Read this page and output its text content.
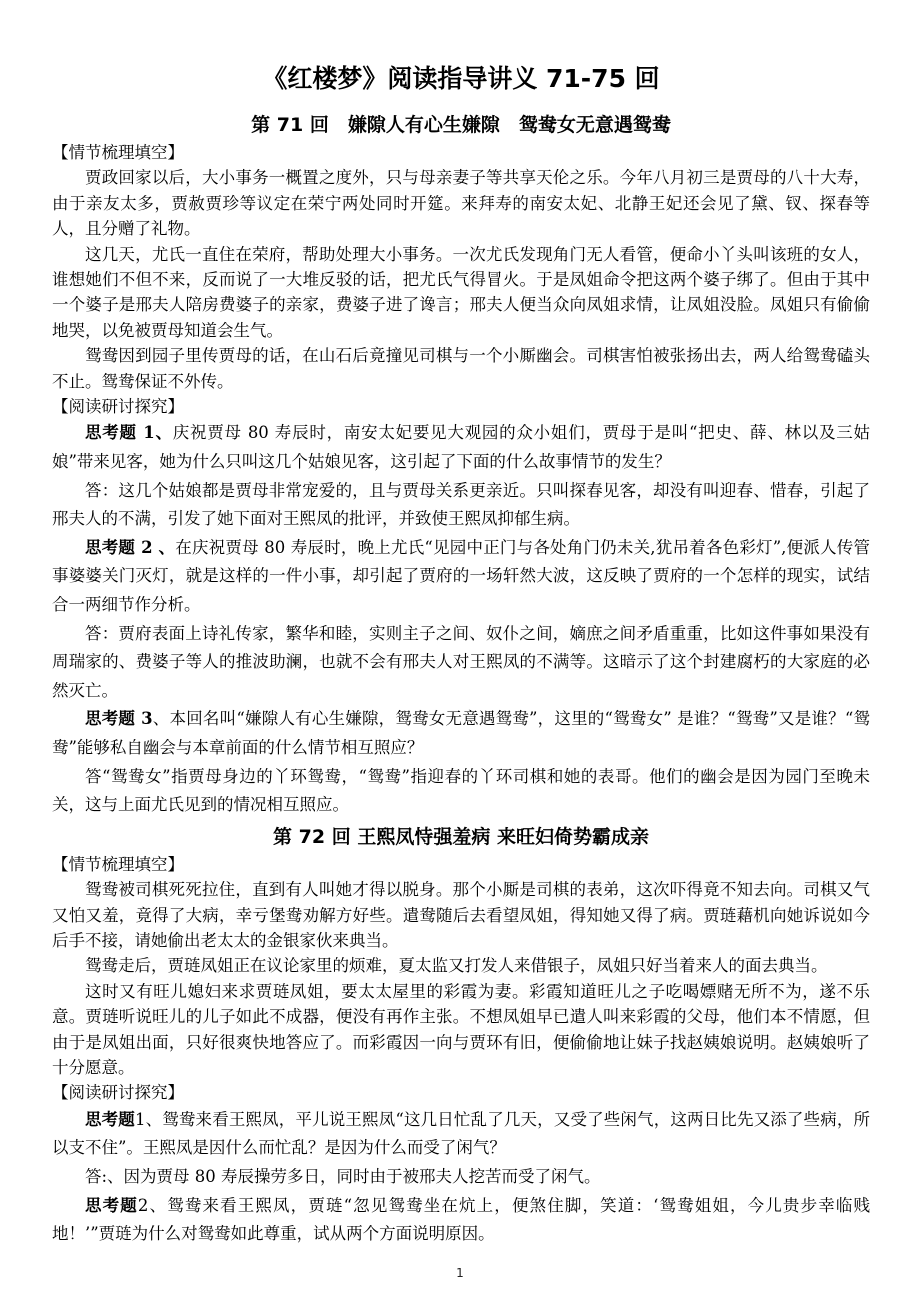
《红楼梦》阅读指导讲义 71-75 回
第 71 回　嫌隙人有心生嫌隙　鸳鸯女无意遇鸳鸯

【情节梳理填空】

贾政回家以后，大小事务一概置之度外，只与母亲妻子等共享天伦之乐。今年八月初三是贾母的八十大寿，由于亲友太多，贾赦贾珍等议定在荣宁两处同时开筵。来拜寿的南安太妃、北静王妃还会见了黛、钗、探春等人，且分赠了礼物。

这几天，尤氏一直住在荣府，帮助处理大小事务。一次尤氏发现角门无人看管，便命小丫头叫该班的女人，谁想她们不但不来，反而说了一大堆反驳的话，把尤氏气得冒火。于是凤姐命令把这两个婆子绑了。但由于其中一个婆子是邢夫人陪房费婆子的亲家，费婆子进了谗言；邢夫人便当众向凤姐求情，让凤姐没脸。凤姐只有偷偷地哭，以免被贾母知道会生气。

鸳鸯因到园子里传贾母的话，在山石后竟撞见司棋与一个小厮幽会。司棋害怕被张扬出去，两人给鸳鸯磕头不止。鸳鸯保证不外传。

【阅读研讨探究】

思考题 1、庆祝贾母 80 寿辰时，南安太妃要见大观园的众小姐们，贾母于是叫“把史、薛、林以及三姑娘”带来见客，她为什么只叫这几个姑娘见客，这引起了下面的什么故事情节的发生？

答：这几个姑娘都是贾母非常宠爱的，且与贾母关系更亲近。只叫探春见客，却没有叫迎春、惜春，引起了邢夫人的不满，引发了她下面对王熙凤的批评，并致使王熙凤抑郁生病。

思考题 2 、在庆祝贾母 80 寿辰时，晚上尤氏“见园中正门与各处角门仍未关,犹吊着各色彩灯”,便派人传管事婆婆关门灭灯，就是这样的一件小事，却引起了贾府的一场轩然大波，这反映了贾府的一个怎样的现实，试结合一两细节作分析。

答：贾府表面上诗礼传家，繁华和睦，实则主子之间、奴仆之间，嫡庶之间矛盾重重，比如这件事如果没有周瑞家的、费婆子等人的推波助澜，也就不会有邢夫人对王熙凤的不满等。这暗示了这个封建腐朽的大家庭的必然灭亡。

思考题 3、本回名叫“嫌隙人有心生嫌隙，鸳鸯女无意遇鸳鸯”，这里的“鸳鸯女” 是谁？“鸳鸯”又是谁？“鸳鸯”能够私自幽会与本章前面的什么情节相互照应？

答“鸳鸯女”指贾母身边的丫环鸳鸯，“鸳鸯”指迎春的丫环司棋和她的表哥。他们的幽会是因为园门至晚未关，这与上面尤氏见到的情况相互照应。

第 72 回 王熙凤恃强羞病 来旺妇倚势霸成亲

【情节梳理填空】

鸳鸯被司棋死死拉住，直到有人叫她才得以脱身。那个小厮是司棋的表弟，这次吓得竟不知去向。司棋又气又怕又羞，竟得了大病，幸亏堡鸯劝解方好些。遣鸯随后去看望凤姐，得知她又得了病。贾琏藉机向她诉说如今后手不接，请她偷出老太太的金银家伙来典当。

鸳鸯走后，贾琏凤姐正在议论家里的烦难，夏太监又打发人来借银子，凤姐只好当着来人的面去典当。

这时又有旺儿媳妇来求贾琏凤姐，要太太屋里的彩霞为妻。彩霞知道旺儿之子吃喝嫖赌无所不为，遂不乐意。贾琏听说旺儿的儿子如此不成器，便没有再作主张。不想凤姐早已遣人叫来彩霞的父母，他们本不情愿，但由于是凤姐出面，只好很爽快地答应了。而彩霞因一向与贾环有旧，便偷偷地让妹子找赵姨娘说明。赵姨娘听了十分愿意。

【阅读研讨探究】

思考题1、鸳鸯来看王熙凤，平儿说王熙凤“这几日忙乱了几天，又受了些闲气，这两日比先又添了些病，所以支不住”。王熙凤是因什么而忙乱？是因为什么而受了闲气？

答:、因为贾母 80 寿辰操劳多日，同时由于被邢夫人挖苦而受了闲气。

思考题2、鸳鸯来看王熙凤，贾琏“忽见鸳鸯坐在炕上，便煞住脚，笑道：‘鸳鸯姐姐，今儿贵步幸临贱地！’”贾琏为什么对鸳鸯如此尊重，试从两个方面说明原因。

1
